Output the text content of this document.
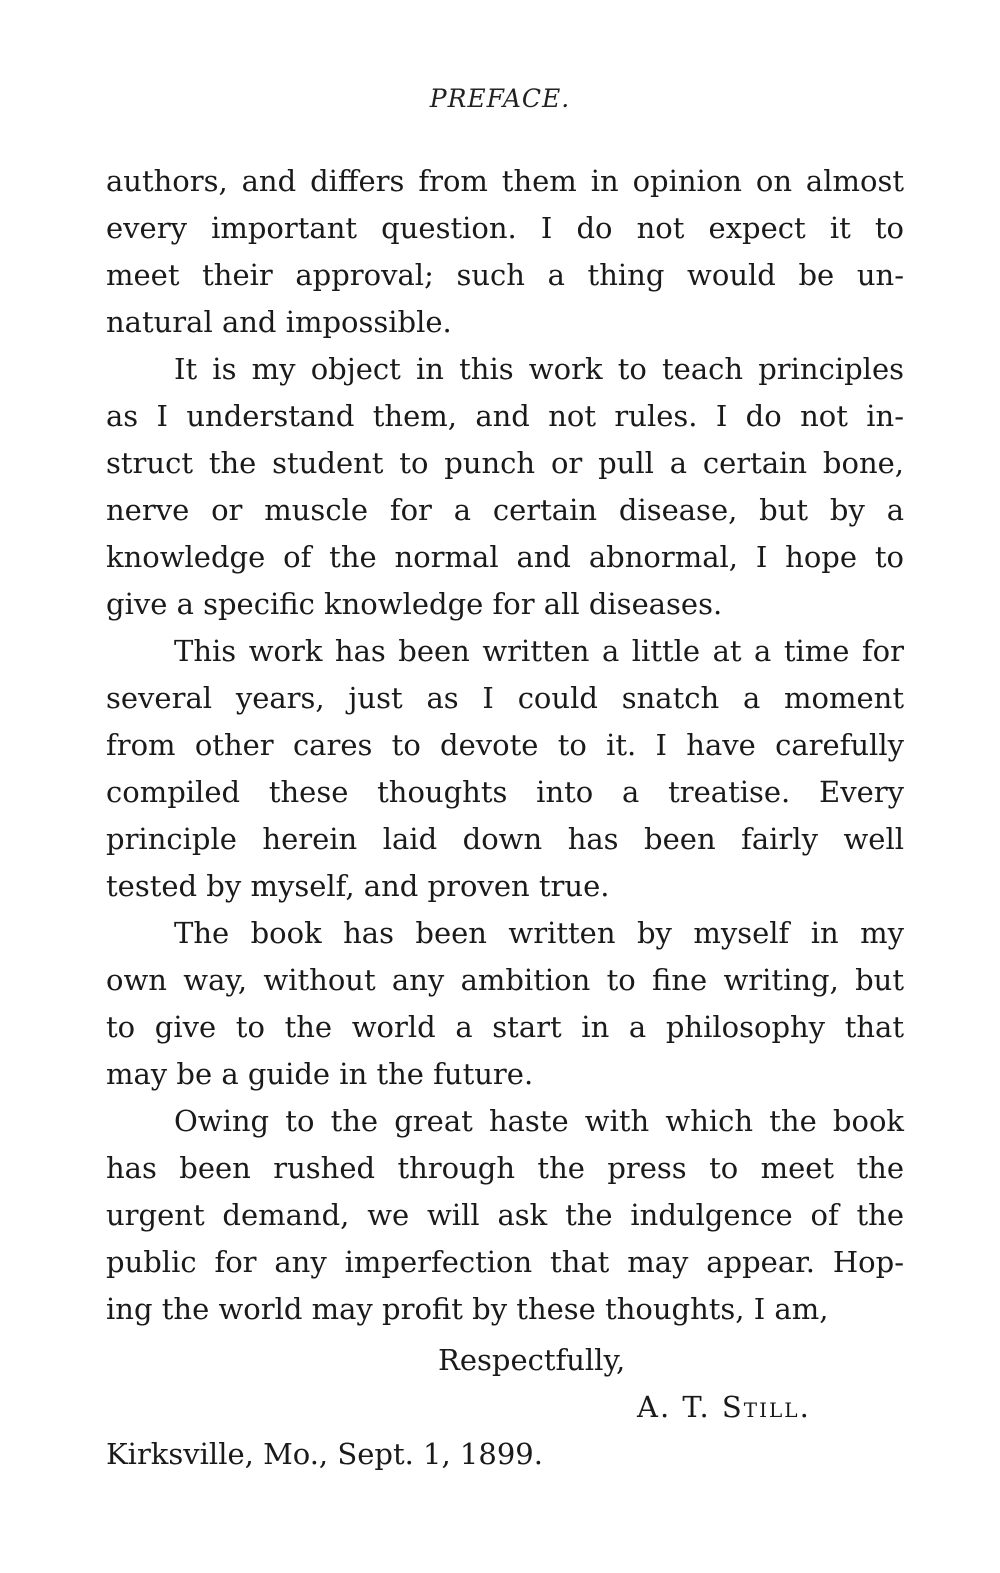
PREFACE.
authors, and differs from them in opinion on almost
every important question. I do not expect it to
meet their approval; such a thing would be un-
natural and impossible.
It is my object in this work to teach principles
as I understand them, and not rules. I do not in-
struct the student to punch or pull a certain bone,
nerve or muscle for a certain disease, but by a
knowledge of the normal and abnormal, I hope to
give a specific knowledge for all diseases.
This work has been written a little at a time for
several years, just as I could snatch a moment
from other cares to devote to it. I have carefully
compiled these thoughts into a treatise. Every
principle herein laid down has been fairly well
tested by myself, and proven true.
The book has been written by myself in my
own way, without any ambition to fine writing, but
to give to the world a start in a philosophy that
may be a guide in the future.
Owing to the great haste with which the book
has been rushed through the press to meet the
urgent demand, we will ask the indulgence of the
public for any imperfection that may appear. Hop-
ing the world may profit by these thoughts, I am,
Respectfully,
A. T. Still.
Kirksville, Mo., Sept. 1, 1899.
